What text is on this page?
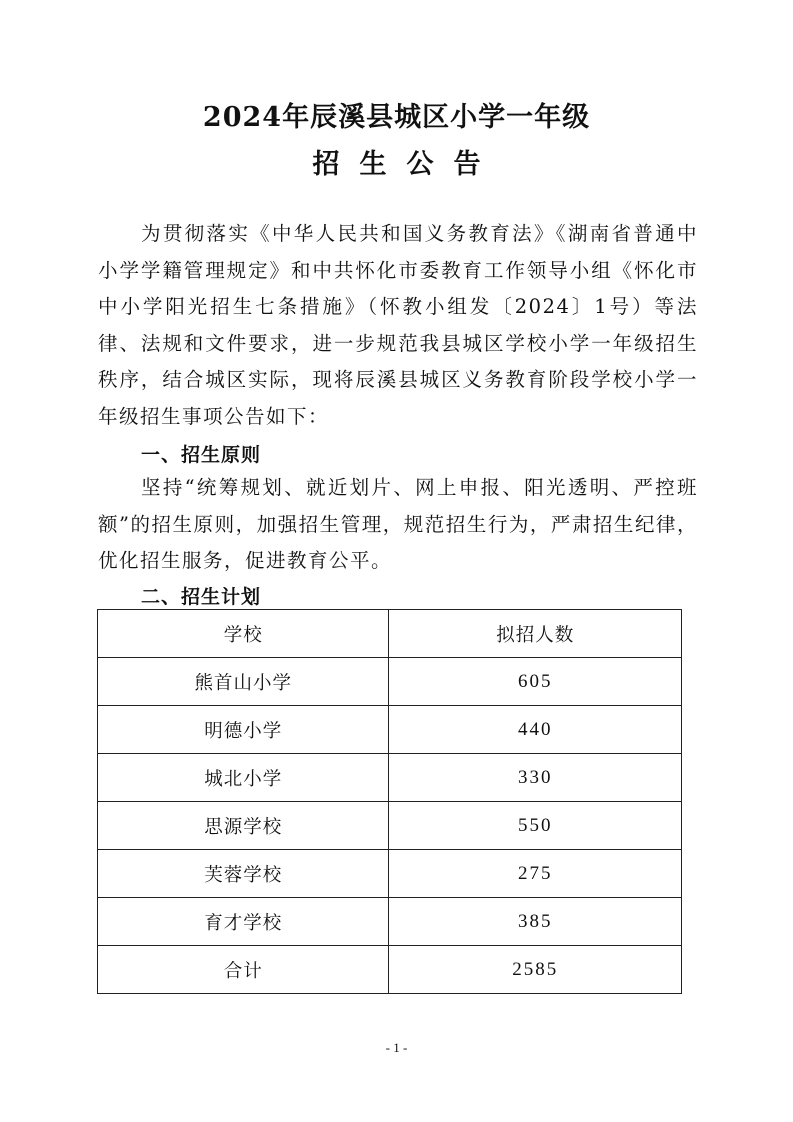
2024年辰溪县城区小学一年级
招生公告

为贯彻落实《中华人民共和国义务教育法》《湖南省普通中小学学籍管理规定》和中共怀化市委教育工作领导小组《怀化市中小学阳光招生七条措施》（怀教小组发〔2024〕1号）等法律、法规和文件要求，进一步规范我县城区学校小学一年级招生秩序，结合城区实际，现将辰溪县城区义务教育阶段学校小学一年级招生事项公告如下：

一、招生原则

坚持“统筹规划、就近划片、网上申报、阳光透明、严控班额”的招生原则，加强招生管理，规范招生行为，严肃招生纪律，优化招生服务，促进教育公平。

二、招生计划
学校	拟招人数
熊首山小学	605
明德小学	440
城北小学	330
思源学校	550
芙蓉学校	275
育才学校	385
合计	2585

- 1 -
